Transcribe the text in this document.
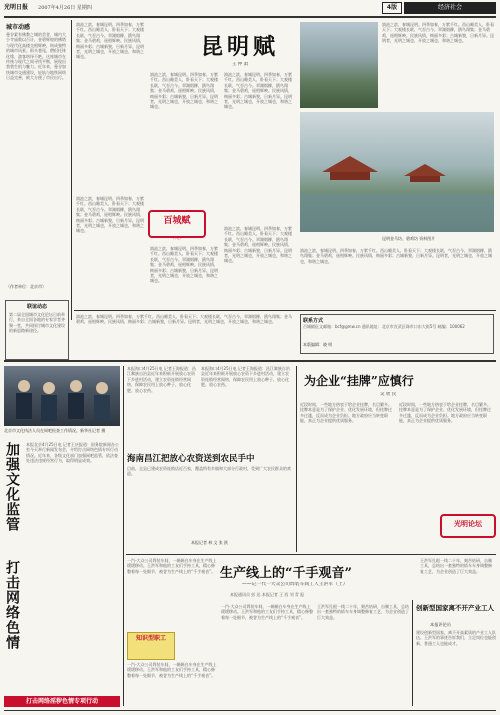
光明日报 2007年4月26日 星期四	4版	经济社会
城市动感
曼谷素有佛教之城的美誉，城内大小寺庙数以百计，金碧辉煌的佛塔与现代化高楼交相辉映，构成独特的城市风景。街头巷尾，僧侣托钵化缘，游客络绎不绝。这座城市在传统与现代之间寻找平衡，展现出勃勃生机与魅力。近年来，曼谷加快城市交通建设，轻轨与地铁网络日益完善，极大方便了市民出行。
（作者单位：北京市）
联谊动态
第二届全国城市文化论坛日前举行，来自全国各地的专家学者齐聚一堂，共同探讨城市文化建设的新思路新途径。
昆明赋
王 仲 肃
滇池之滨，春城昆明。四季如春，万紫千红。西山睡美人，卧看天下；大观楼长联，气吞古今。翠湖烟柳，鸥鸟翔集；金马碧鸡，遥相辉映。民族风情，绚丽多彩；古城新貌，日新月异。昆明者，光明之城也，开放之城也，和谐之城也。
滇池之滨，春城昆明。四季如春，万紫千红。西山睡美人，卧看天下；大观楼长联，气吞古今。翠湖烟柳，鸥鸟翔集；金马碧鸡，遥相辉映。民族风情，绚丽多彩；古城新貌，日新月异。昆明者，光明之城也，开放之城也，和谐之城也。
滇池之滨，春城昆明。四季如春，万紫千红。西山睡美人，卧看天下；大观楼长联，气吞古今。翠湖烟柳，鸥鸟翔集；金马碧鸡，遥相辉映。民族风情，绚丽多彩；古城新貌，日新月异。昆明者，光明之城也，开放之城也，和谐之城也。
滇池之滨，春城昆明。四季如春，万紫千红。西山睡美人，卧看天下；大观楼长联，气吞古今。翠湖烟柳，鸥鸟翔集；金马碧鸡，遥相辉映。民族风情，绚丽多彩；古城新貌，日新月异。昆明者，光明之城也，开放之城也，和谐之城也。	滇池之滨，春城昆明。四季如春，万紫千红。西山睡美人，卧看天下；大观楼长联，气吞古今。翠湖烟柳，鸥鸟翔集；金马碧鸡，遥相辉映。民族风情，绚丽多彩；古城新貌，日新月异。昆明者，光明之城也，开放之城也，和谐之城也。
百城赋
（九）
滇池之滨，春城昆明。四季如春，万紫千红。西山睡美人，卧看天下；大观楼长联，气吞古今。翠湖烟柳，鸥鸟翔集；金马碧鸡，遥相辉映。民族风情，绚丽多彩；古城新貌，日新月异。昆明者，光明之城也，开放之城也，和谐之城也。
滇池之滨，春城昆明。四季如春，万紫千红。西山睡美人，卧看天下；大观楼长联，气吞古今。翠湖烟柳，鸥鸟翔集；金马碧鸡，遥相辉映。民族风情，绚丽多彩；古城新貌，日新月异。昆明者，光明之城也，开放之城也，和谐之城也。
昆明金马坊、碧鸡坊 资料图片
滇池之滨，春城昆明。四季如春，万紫千红。西山睡美人，卧看天下；大观楼长联，气吞古今。翠湖烟柳，鸥鸟翔集；金马碧鸡，遥相辉映。民族风情，绚丽多彩；古城新貌，日新月异。昆明者，光明之城也，开放之城也，和谐之城也。
联系方式
百城赋征文邮箱：bcf@gmw.cn 通讯地址：北京市宣武区珠市口东大街5号 邮编：100062
本版编辑：晓 明
滇池之滨，春城昆明。四季如春，万紫千红。西山睡美人，卧看天下；大观楼长联，气吞古今。翠湖烟柳，鸥鸟翔集；金马碧鸡，遥相辉映。民族风情，绚丽多彩；古城新貌，日新月异。昆明者，光明之城也，开放之城也，和谐之城也。
北京市文化执法人员在网吧检查工作情况。新华社记者 摄
加强文化监管
打击网络色情
本报北京4月25日电 记者王庆报道：国务院新闻办公室今天举行新闻发布会，介绍打击网络色情专项行动情况。近年来，各级文化部门加强网吧监管，依法查处违法违规经营行为，取得明显成效。
打击网络淫秽色情专项行动
本报海口4月25日电 记者王海报道：昌江黎族自治县近年来积极开展放心农资下乡进村活动，建立农资连锁经营网络，保障农民用上放心种子、放心化肥、放心农药。
本报海口4月25日电 记者王海报道：昌江黎族自治县近年来积极开展放心农资下乡进村活动，建立农资连锁经营网络，保障农民用上放心种子、放心化肥、放心农药。
海南昌江把放心农资送到农民手中
目前，全县已建成农资连锁店近百家，覆盖所有乡镇和大部分行政村，受到广大农民群众的欢迎。
本报记者 林 文 张 跃
为企业“挂牌”应慎行
吴 欣 民
近段时间，一些地方热衷于给企业挂牌，名目繁多。挂牌本意是为了保护企业、优化发展环境，但挂牌过多过滥，反而成为企业负担。地方政府应当转变职能，真正为企业提供优质服务。
近段时间，一些地方热衷于给企业挂牌，名目繁多。挂牌本意是为了保护企业、优化发展环境，但挂牌过多过滥，反而成为企业负担。地方政府应当转变职能，真正为企业提供优质服务。
光明论坛
一汽-大众公司焊装车间，一辆辆白车身在生产线上缓缓移动。王洪军和他的工友们手持工具，精心修整着每一处细节，被誉为生产线上的“千手观音”。 生产线上的“千手观音”
——记一代一大众公司焊装车间工人王洪军（上）
本报通讯员 彭 达 本报记者 王 西 刘 青 报
王洪军扎根一线二十年，刻苦钻研，自制工具，总结出一套独特的轿车车身调整修复工艺，为企业创造了巨大效益。
知识型职工
一汽-大众公司焊装车间，一辆辆白车身在生产线上缓缓移动。王洪军和他的工友们手持工具，精心修整着每一处细节，被誉为生产线上的“千手观音”。
一汽-大众公司焊装车间，一辆辆白车身在生产线上缓缓移动。王洪军和他的工友们手持工具，精心修整着每一处细节，被誉为生产线上的“千手观音”。
王洪军扎根一线二十年，刻苦钻研，自制工具，总结出一套独特的轿车车身调整修复工艺，为企业创造了巨大效益。
创新型国家离不开产业工人
本报评论员
建设创新型国家，离不开高素质的产业工人队伍。王洪军的事迹告诉我们，立足岗位也能创新，普通工人也能成才。
